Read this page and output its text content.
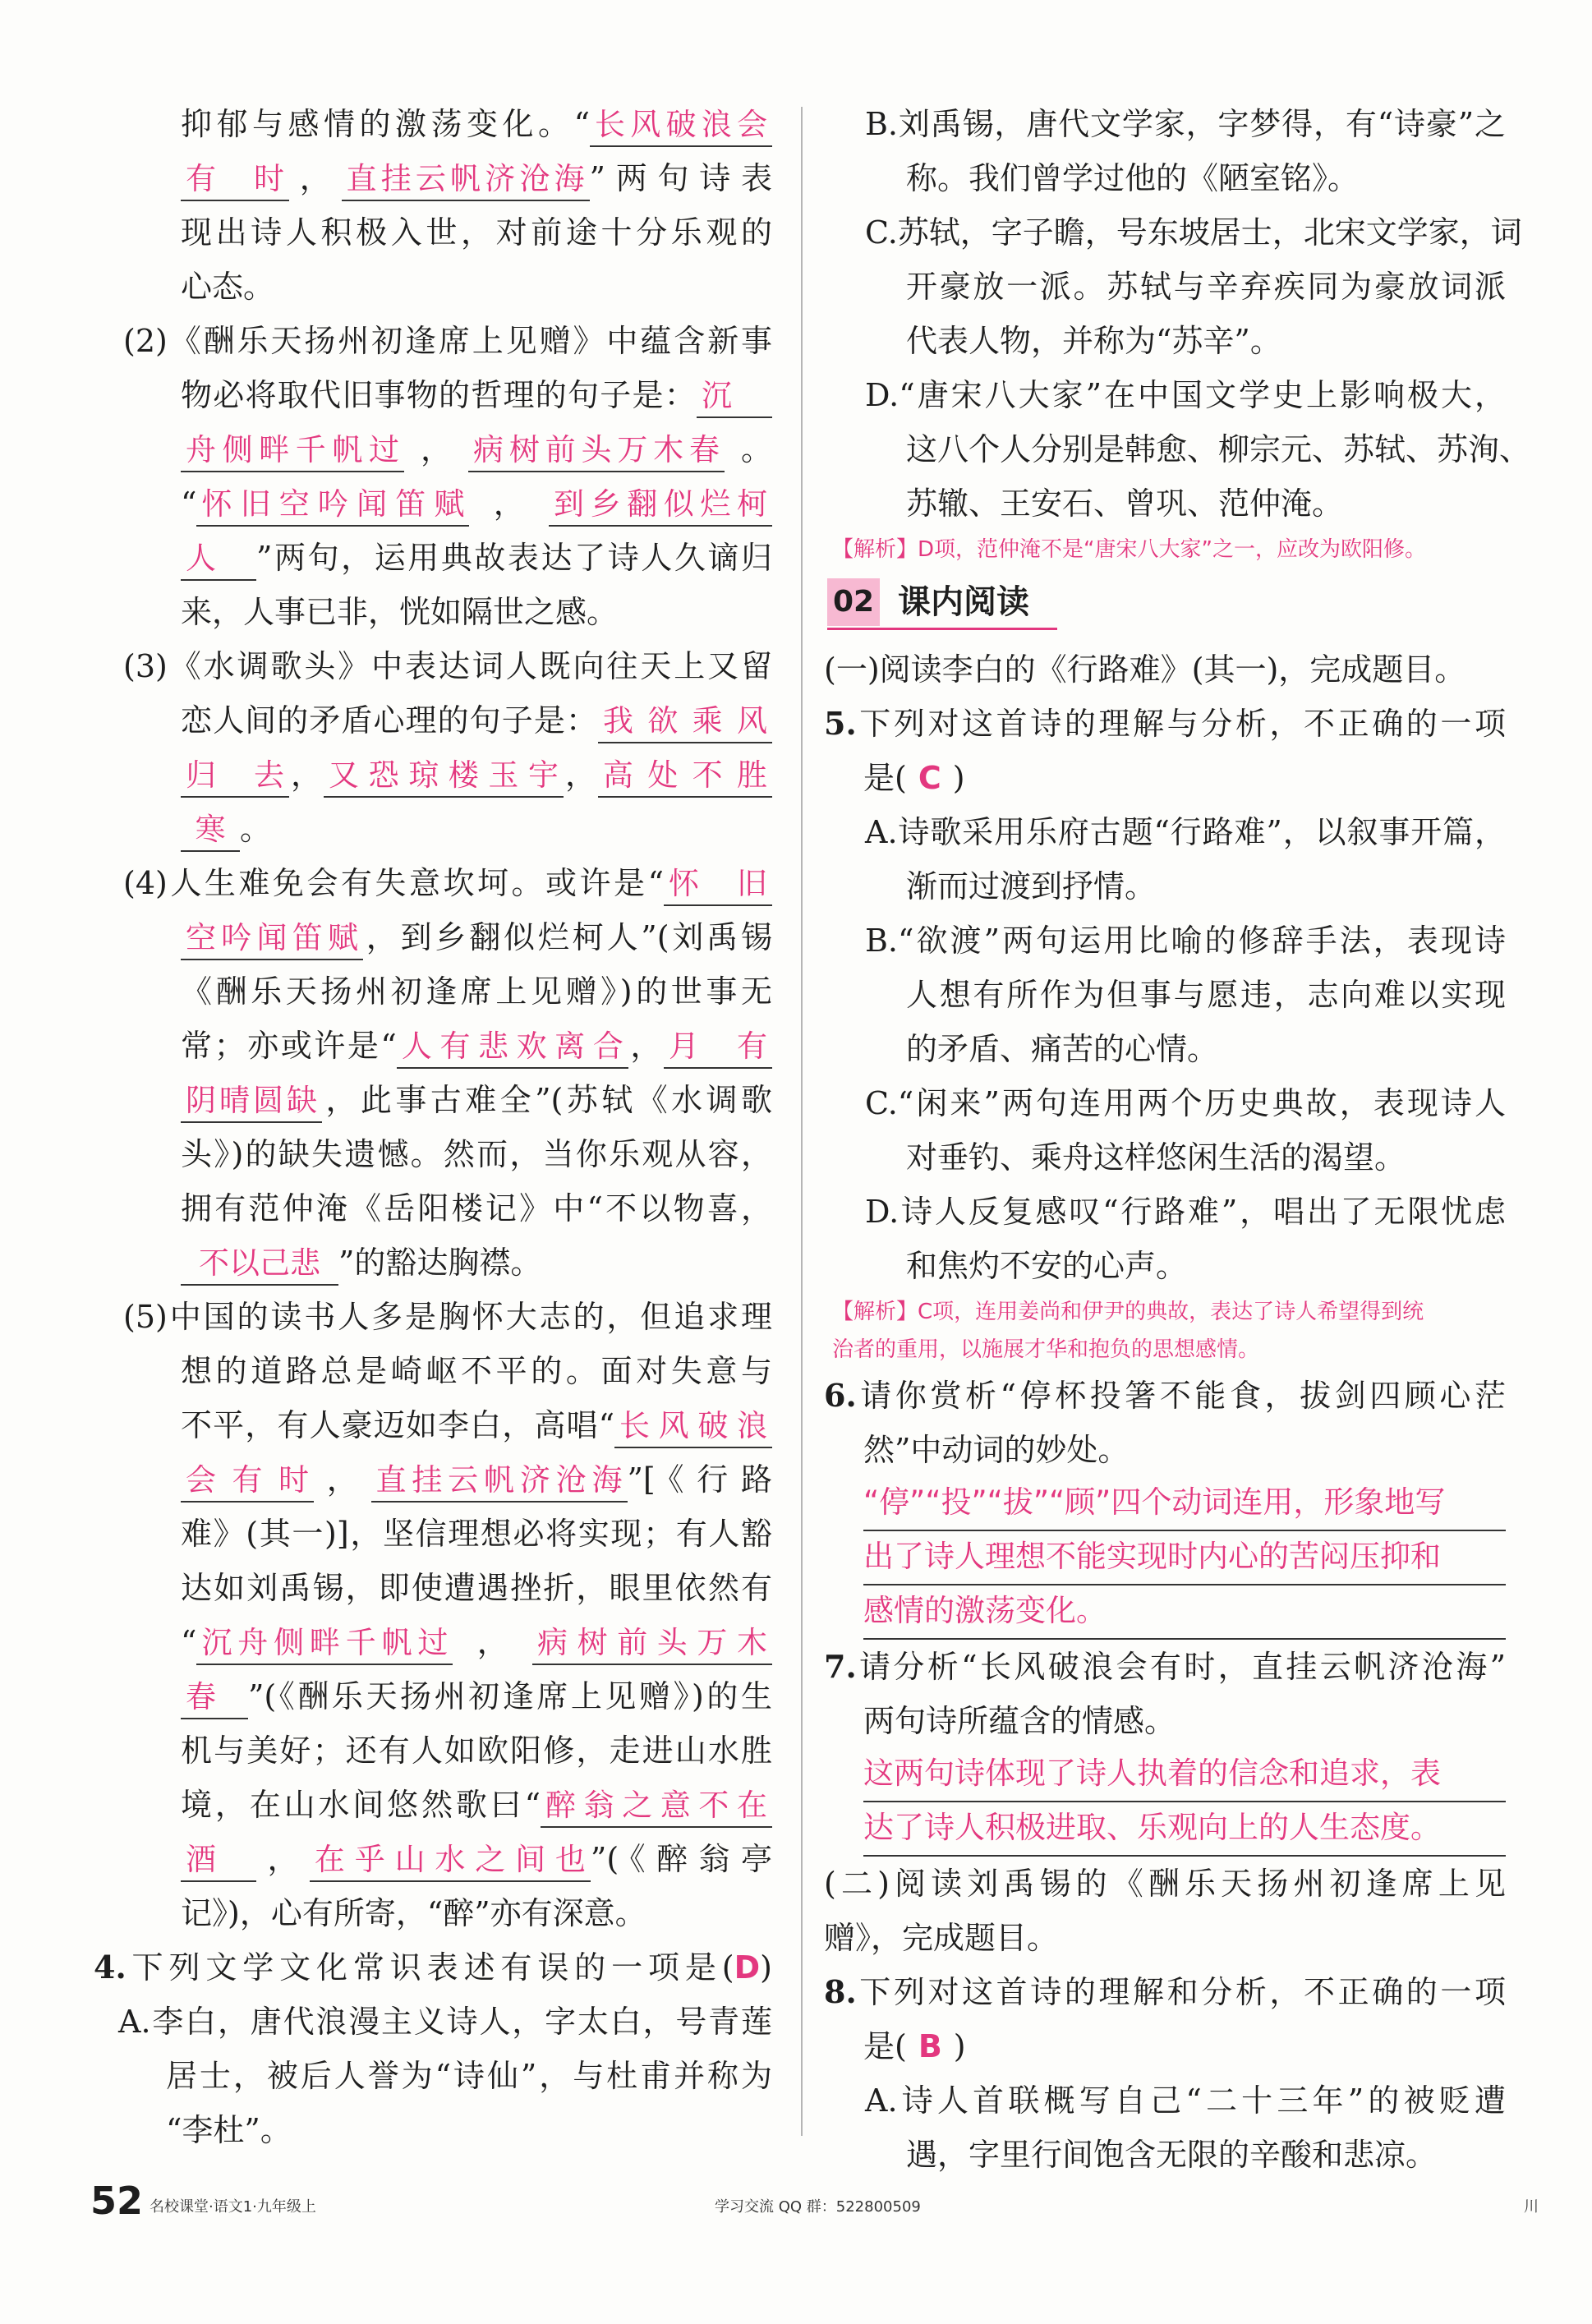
抑郁与感情的激荡变化。“ 长风破浪会
有时 ， 直挂云帆济沧海 ”两句诗表
现出诗人积极入世，对前途十分乐观的
心态。
(2)《酬乐天扬州初逢席上见赠》中蕴含新事
物必将取代旧事物的哲理的句子是： 沉
舟侧畔千帆过 ， 病树前头万木春 。
“ 怀旧空吟闻笛赋 ， 到乡翻似烂柯
人 ”两句，运用典故表达了诗人久谪归
来，人事已非，恍如隔世之感。
(3)《水调歌头》中表达词人既向往天上又留
恋人间的矛盾心理的句子是： 我欲乘风
归去 ， 又恐琼楼玉宇 ， 高处不胜
寒 。
(4)人生难免会有失意坎坷。或许是“ 怀旧
空吟闻笛赋 ，到乡翻似烂柯人”(刘禹锡
《酬乐天扬州初逢席上见赠》)的世事无
常；亦或许是“ 人有悲欢离合 ， 月有
阴晴圆缺 ，此事古难全”(苏轼《水调歌
头》)的缺失遗憾。然而，当你乐观从容，
拥有范仲淹《岳阳楼记》中“不以物喜，
不以己悲 ”的豁达胸襟。
(5)中国的读书人多是胸怀大志的，但追求理
想的道路总是崎岖不平的。面对失意与
不平，有人豪迈如李白，高唱“ 长风破浪
会有时 ， 直挂云帆济沧海 ”[《行路
难》(其一)]，坚信理想必将实现；有人豁
达如刘禹锡，即使遭遇挫折，眼里依然有
“ 沉舟侧畔千帆过 ， 病树前头万木
春 ”(《酬乐天扬州初逢席上见赠》)的生
机与美好；还有人如欧阳修，走进山水胜
境，在山水间悠然歌曰“ 醉翁之意不在
酒 ， 在乎山水之间也 ”(《醉翁亭
记》)，心有所寄，“醉”亦有深意。
4.下列文学文化常识表述有误的一项是(D)
A.李白，唐代浪漫主义诗人，字太白，号青莲
居士，被后人誉为“诗仙”，与杜甫并称为
“李杜”。
B.刘禹锡，唐代文学家，字梦得，有“诗豪”之
称。我们曾学过他的《陋室铭》。
C.苏轼，字子瞻，号东坡居士，北宋文学家，词
开豪放一派。苏轼与辛弃疾同为豪放词派
代表人物，并称为“苏辛”。
D.“唐宋八大家”在中国文学史上影响极大，
这八个人分别是韩愈、柳宗元、苏轼、苏洵、
苏辙、王安石、曾巩、范仲淹。
【解析】D项，范仲淹不是“唐宋八大家”之一，应改为欧阳修。
02 课内阅读
(一)阅读李白的《行路难》(其一)，完成题目。
5.下列对这首诗的理解与分析，不正确的一项
是( C )
A.诗歌采用乐府古题“行路难”，以叙事开篇，
渐而过渡到抒情。
B.“欲渡”两句运用比喻的修辞手法，表现诗
人想有所作为但事与愿违，志向难以实现
的矛盾、痛苦的心情。
C.“闲来”两句连用两个历史典故，表现诗人
对垂钓、乘舟这样悠闲生活的渴望。
D.诗人反复感叹“行路难”，唱出了无限忧虑
和焦灼不安的心声。
【解析】C项，连用姜尚和伊尹的典故，表达了诗人希望得到统
治者的重用，以施展才华和抱负的思想感情。
6.请你赏析“停杯投箸不能食，拔剑四顾心茫
然”中动词的妙处。
“停”“投”“拔”“顾”四个动词连用，形象地写
出了诗人理想不能实现时内心的苦闷压抑和
感情的激荡变化。
7.请分析“长风破浪会有时，直挂云帆济沧海”
两句诗所蕴含的情感。
这两句诗体现了诗人执着的信念和追求，表
达了诗人积极进取、乐观向上的人生态度。
(二)阅读刘禹锡的《酬乐天扬州初逢席上见
赠》，完成题目。
8.下列对这首诗的理解和分析，不正确的一项
是( B )
A.诗人首联概写自己“二十三年”的被贬遭
遇，字里行间饱含无限的辛酸和悲凉。
52 名校课堂·语文1·九年级上	学习交流 QQ 群：522800509	川
